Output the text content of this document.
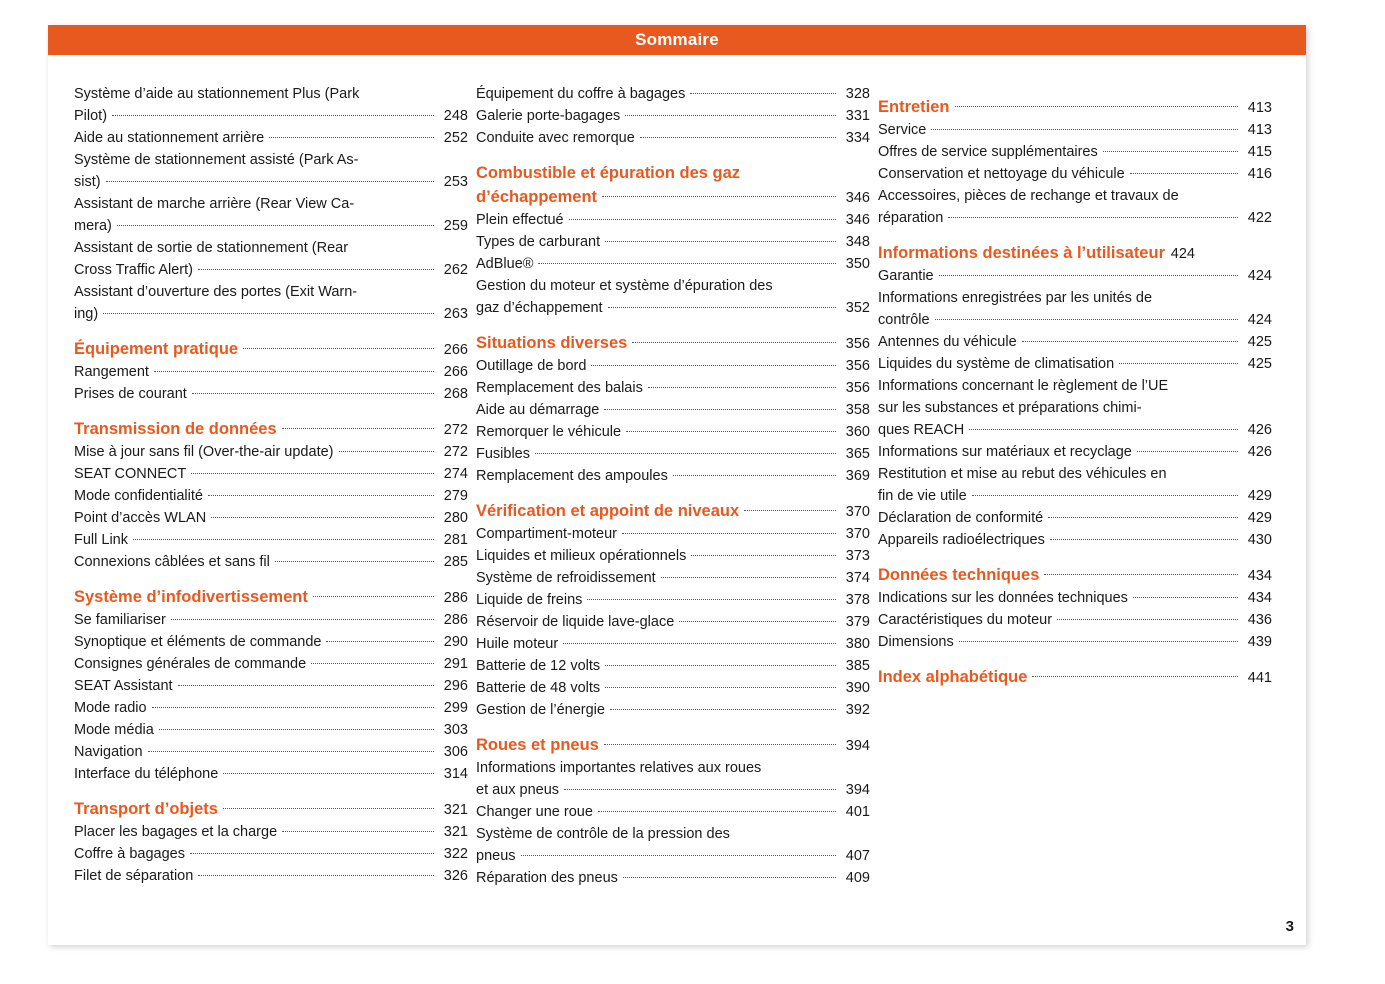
Sommaire
Système d’aide au stationnement Plus (Park
Pilot)	248
Aide au stationnement arrière	252
Système de stationnement assisté (Park As-
sist)	253
Assistant de marche arrière (Rear View Ca-
mera)	259
Assistant de sortie de stationnement (Rear
Cross Traffic Alert)	262
Assistant d’ouverture des portes (Exit Warn-
ing)	263
Équipement pratique	266
Rangement	266
Prises de courant	268
Transmission de données	272
Mise à jour sans fil (Over-the-air update)	272
SEAT CONNECT	274
Mode confidentialité	279
Point d’accès WLAN	280
Full Link	281
Connexions câblées et sans fil	285
Système d’infodivertissement	286
Se familiariser	286
Synoptique et éléments de commande	290
Consignes générales de commande	291
SEAT Assistant	296
Mode radio	299
Mode média	303
Navigation	306
Interface du téléphone	314
Transport d’objets	321
Placer les bagages et la charge	321
Coffre à bagages	322
Filet de séparation	326
Équipement du coffre à bagages	328
Galerie porte-bagages	331
Conduite avec remorque	334
Combustible et épuration des gaz
d’échappement	346
Plein effectué	346
Types de carburant	348
AdBlue®	350
Gestion du moteur et système d’épuration des
gaz d’échappement	352
Situations diverses	356
Outillage de bord	356
Remplacement des balais	356
Aide au démarrage	358
Remorquer le véhicule	360
Fusibles	365
Remplacement des ampoules	369
Vérification et appoint de niveaux	370
Compartiment-moteur	370
Liquides et milieux opérationnels	373
Système de refroidissement	374
Liquide de freins	378
Réservoir de liquide lave-glace	379
Huile moteur	380
Batterie de 12 volts	385
Batterie de 48 volts	390
Gestion de l’énergie	392
Roues et pneus	394
Informations importantes relatives aux roues
et aux pneus	394
Changer une roue	401
Système de contrôle de la pression des
pneus	407
Réparation des pneus	409
Entretien	413
Service	413
Offres de service supplémentaires	415
Conservation et nettoyage du véhicule	416
Accessoires, pièces de rechange et travaux de
réparation	422
Informations destinées à l’utilisateur 424
Garantie	424
Informations enregistrées par les unités de
contrôle	424
Antennes du véhicule	425
Liquides du système de climatisation	425
Informations concernant le règlement de l’UE
sur les substances et préparations chimi-
ques REACH	426
Informations sur matériaux et recyclage	426
Restitution et mise au rebut des véhicules en
fin de vie utile	429
Déclaration de conformité	429
Appareils radioélectriques	430
Données techniques	434
Indications sur les données techniques	434
Caractéristiques du moteur	436
Dimensions	439
Index alphabétique	441
3
